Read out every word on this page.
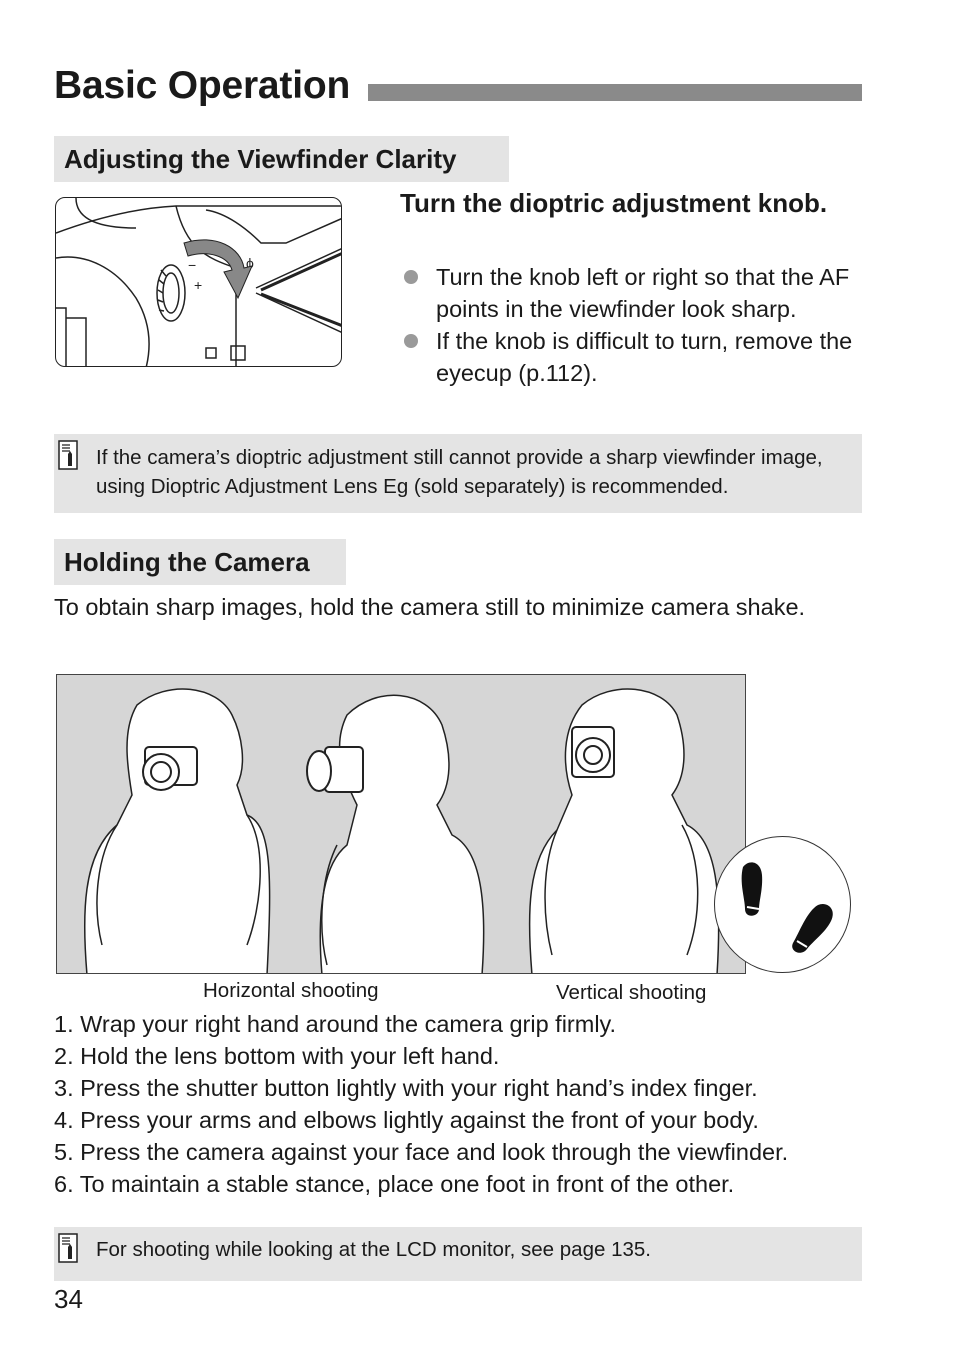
Basic Operation
Adjusting the Viewfinder Clarity
−
+
ϕ
Turn the dioptric adjustment knob.
Turn the knob left or right so that the AF points in the viewfinder look sharp.
If the knob is difficult to turn, remove the eyecup (p.112).
If the camera’s dioptric adjustment still cannot provide a sharp viewfinder image, using Dioptric Adjustment Lens Eg (sold separately) is recommended.
Holding the Camera

To obtain sharp images, hold the camera still to minimize camera shake.

Horizontal shooting	Vertical shooting
1. Wrap your right hand around the camera grip firmly.
2. Hold the lens bottom with your left hand.
3. Press the shutter button lightly with your right hand’s index finger.
4. Press your arms and elbows lightly against the front of your body.
5. Press the camera against your face and look through the viewfinder.
6. To maintain a stable stance, place one foot in front of the other.
For shooting while looking at the LCD monitor, see page 135.
34
